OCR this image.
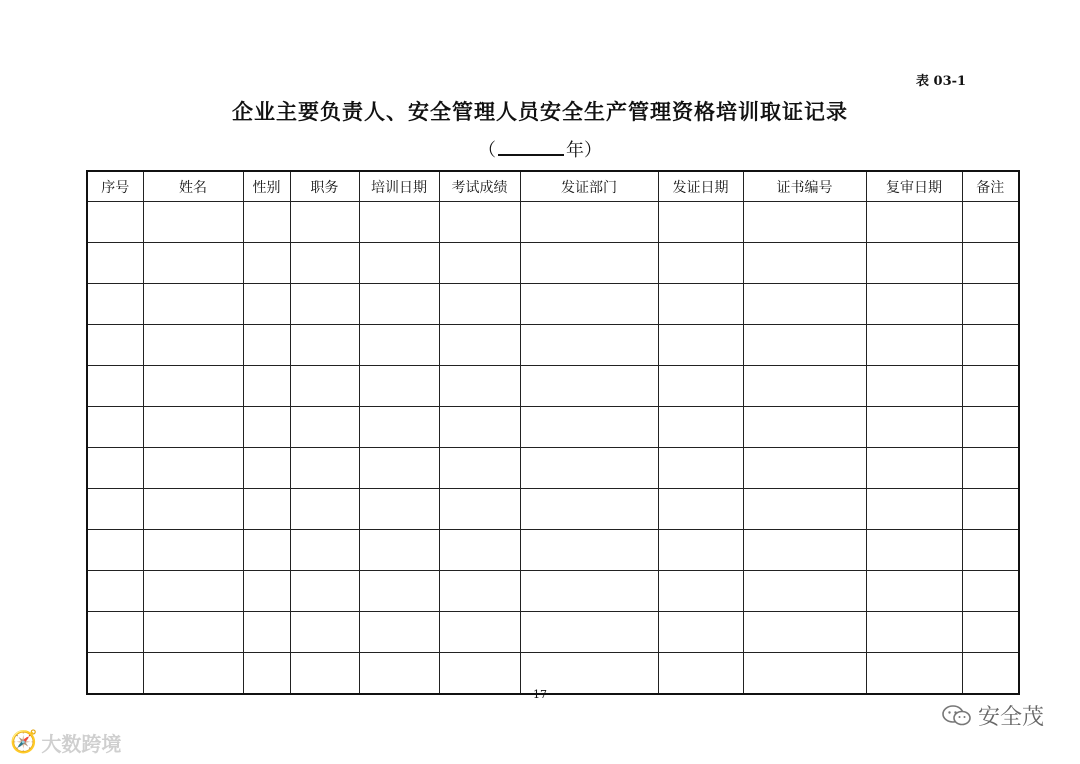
表 03-1
企业主要负责人、安全管理人员安全生产管理资格培训取证记录
（	年）
序号	姓名	性别	职务	培训日期	考试成绩	发证部门	发证日期	证书编号	复审日期	备注

17
🧭 大数跨境
安全茂
